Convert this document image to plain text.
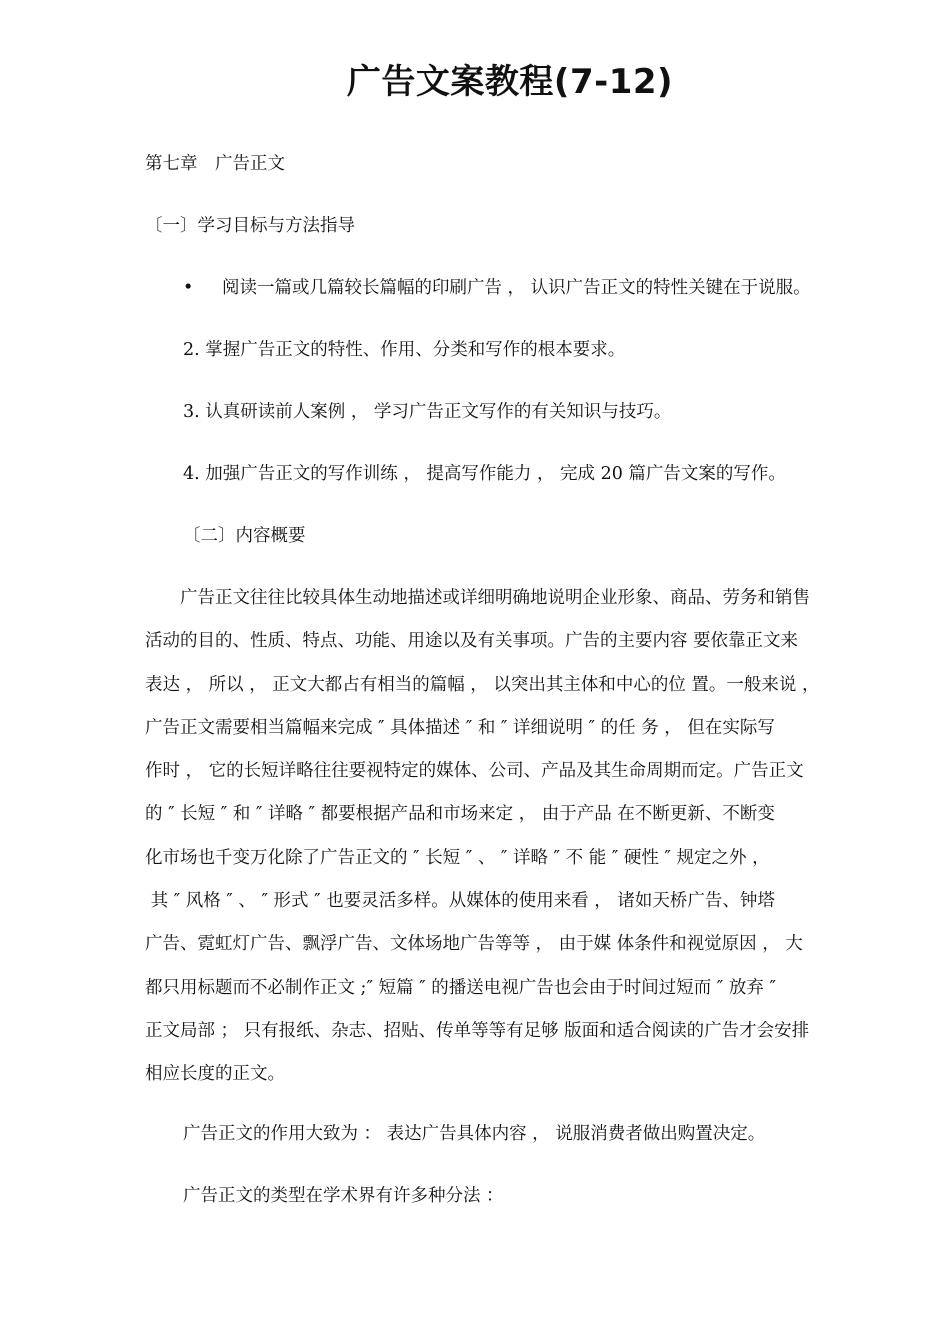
广告文案教程(7-12)

第七章　广告正文

〔一〕学习目标与方法指导

• 阅读一篇或几篇较长篇幅的印刷广告 ， 认识广告正文的特性关键在于说服。

2. 掌握广告正文的特性、作用、分类和写作的根本要求。

3. 认真研读前人案例 ， 学习广告正文写作的有关知识与技巧。

4. 加强广告正文的写作训练 ， 提高写作能力 ， 完成 20 篇广告文案的写作。

〔二〕内容概要

　　广告正文往往比较具体生动地描述或详细明确地说明企业形象、商品、劳务和销售
活动的目的、性质、特点、功能、用途以及有关事项。广告的主要内容 要依靠正文来
表达 ， 所以 ， 正文大都占有相当的篇幅 ， 以突出其主体和中心的位 置。一般来说 ，
广告正文需要相当篇幅来完成 ″ 具体描述 ″ 和 ″ 详细说明 ″ 的任 务 ， 但在实际写
作时 ， 它的长短详略往往要视特定的媒体、公司、产品及其生命周期而定。广告正文
的 ″ 长短 ″ 和 ″ 详略 ″ 都要根据产品和市场来定 ， 由于产品 在不断更新、不断变
化市场也千变万化除了广告正文的 ″ 长短 ″ 、 ″ 详略 ″ 不 能 ″ 硬性 ″ 规定之外 ，
其 ″ 风格 ″ 、 ″ 形式 ″ 也要灵活多样。从媒体的使用来看 ， 诸如天桥广告、钟塔
广告、霓虹灯广告、飘浮广告、文体场地广告等等 ， 由于媒 体条件和视觉原因 ， 大
都只用标题而不必制作正文 ;″ 短篇 ″ 的播送电视广告也会由于时间过短而 ″ 放弃 ″
正文局部 ； 只有报纸、杂志、招贴、传单等等有足够 版面和适合阅读的广告才会安排
相应长度的正文。

广告正文的作用大致为 ： 表达广告具体内容 ， 说服消费者做出购置决定。

广告正文的类型在学术界有许多种分法 ：
